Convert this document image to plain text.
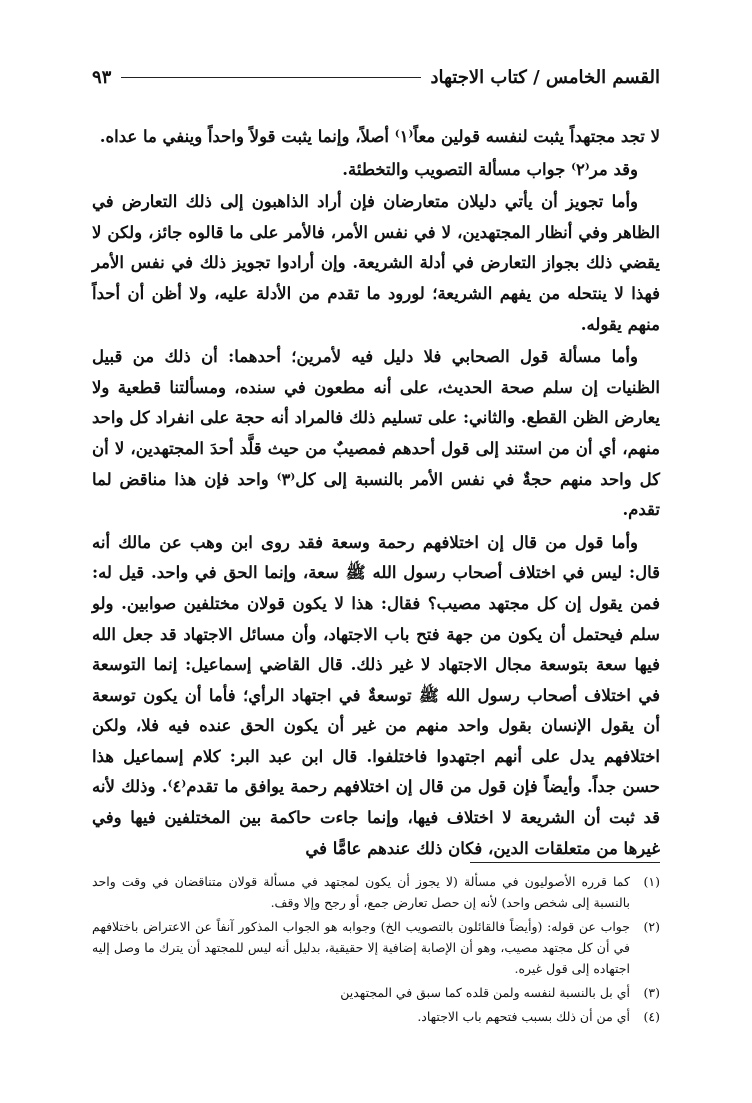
القسم الخامس / كتاب الاجتهاد
٩٣

لا تجد مجتهداً يثبت لنفسه قولين معاً⁽١⁾ أصلاً، وإنما يثبت قولاً واحداً وينفي ما عداه.

وقد مر⁽٢⁾ جواب مسألة التصويب والتخطئة.

وأما تجويز أن يأتي دليلان متعارضان فإن أراد الذاهبون إلى ذلك التعارض في الظاهر وفي أنظار المجتهدين، لا في نفس الأمر، فالأمر على ما قالوه جائز، ولكن لا يقضي ذلك بجواز التعارض في أدلة الشريعة. وإن أرادوا تجويز ذلك في نفس الأمر فهذا لا ينتحله من يفهم الشريعة؛ لورود ما تقدم من الأدلة عليه، ولا أظن أن أحداً منهم يقوله.

وأما مسألة قول الصحابي فلا دليل فيه لأمرين؛ أحدهما: أن ذلك من قبيل الظنيات إن سلم صحة الحديث، على أنه مطعون في سنده، ومسألتنا قطعية ولا يعارض الظن القطع. والثاني: على تسليم ذلك فالمراد أنه حجة على انفراد كل واحد منهم، أي أن من استند إلى قول أحدهم فمصيبٌ من حيث قلَّد أحدَ المجتهدين، لا أن كل واحد منهم حجةٌ في نفس الأمر بالنسبة إلى كل⁽٣⁾ واحد فإن هذا مناقض لما تقدم.

وأما قول من قال إن اختلافهم رحمة وسعة فقد روى ابن وهب عن مالك أنه قال: ليس في اختلاف أصحاب رسول الله ﷺ سعة، وإنما الحق في واحد. قيل له: فمن يقول إن كل مجتهد مصيب؟ فقال: هذا لا يكون قولان مختلفين صوابين. ولو سلم فيحتمل أن يكون من جهة فتح باب الاجتهاد، وأن مسائل الاجتهاد قد جعل الله فيها سعة بتوسعة مجال الاجتهاد لا غير ذلك. قال القاضي إسماعيل: إنما التوسعة في اختلاف أصحاب رسول الله ﷺ توسعةٌ في اجتهاد الرأي؛ فأما أن يكون توسعة أن يقول الإنسان بقول واحد منهم من غير أن يكون الحق عنده فيه فلا، ولكن اختلافهم يدل على أنهم اجتهدوا فاختلفوا. قال ابن عبد البر: كلام إسماعيل هذا حسن جداً. وأيضاً فإن قول من قال إن اختلافهم رحمة يوافق ما تقدم⁽٤⁾. وذلك لأنه قد ثبت أن الشريعة لا اختلاف فيها، وإنما جاءت حاكمة بين المختلفين فيها وفي غيرها من متعلقات الدين، فكان ذلك عندهم عامًّا في

(١)
كما قرره الأصوليون في مسألة (لا يجوز أن يكون لمجتهد في مسألة قولان متناقضان في وقت واحد بالنسبة إلى شخص واحد) لأنه إن حصل تعارض جمع، أو رجح وإلا وقف.
(٢)
جواب عن قوله: (وأيضاً فالقائلون بالتصويب الخ) وجوابه هو الجواب المذكور آنفاً عن الاعتراض باختلافهم في أن كل مجتهد مصيب، وهو أن الإصابة إضافية إلا حقيقية، بدليل أنه ليس للمجتهد أن يترك ما وصل إليه اجتهاده إلى قول غيره.
(٣)
أي بل بالنسبة لنفسه ولمن قلده كما سبق في المجتهدين
(٤)
أي من أن ذلك بسبب فتحهم باب الاجتهاد.
